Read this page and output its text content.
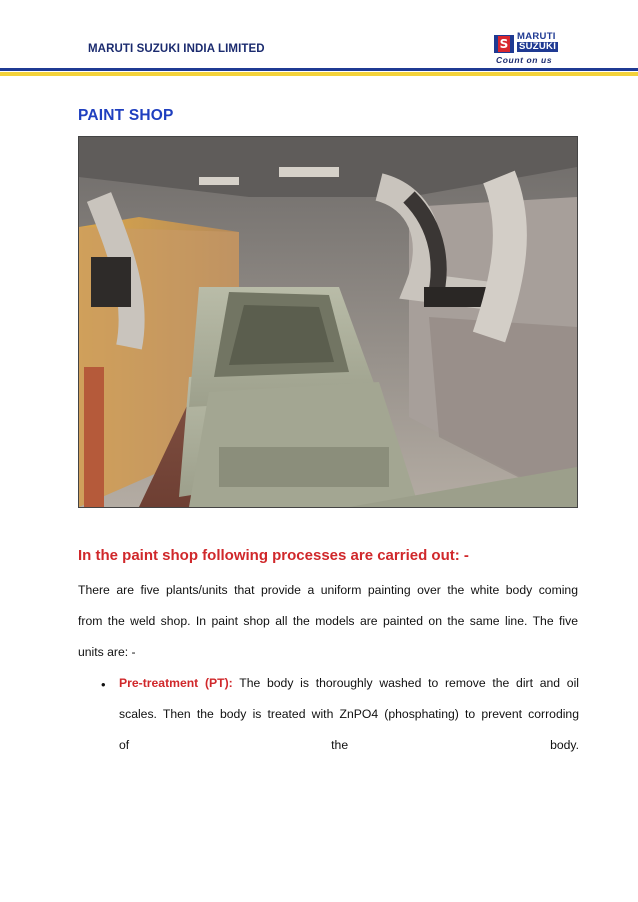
MARUTI SUZUKI INDIA LIMITED	S
MARUTI
SUZUKI
Count on us
PAINT SHOP
In the paint shop following processes are carried out: -
There are five plants/units that provide a uniform painting over the white body coming
from the weld shop. In paint shop all the models are painted on the same line. The five
units are: -
• Pre-treatment (PT): The body is thoroughly washed to remove the dirt and oil
scales. Then the body is treated with ZnPO4 (phosphating) to prevent corroding
of the body.
